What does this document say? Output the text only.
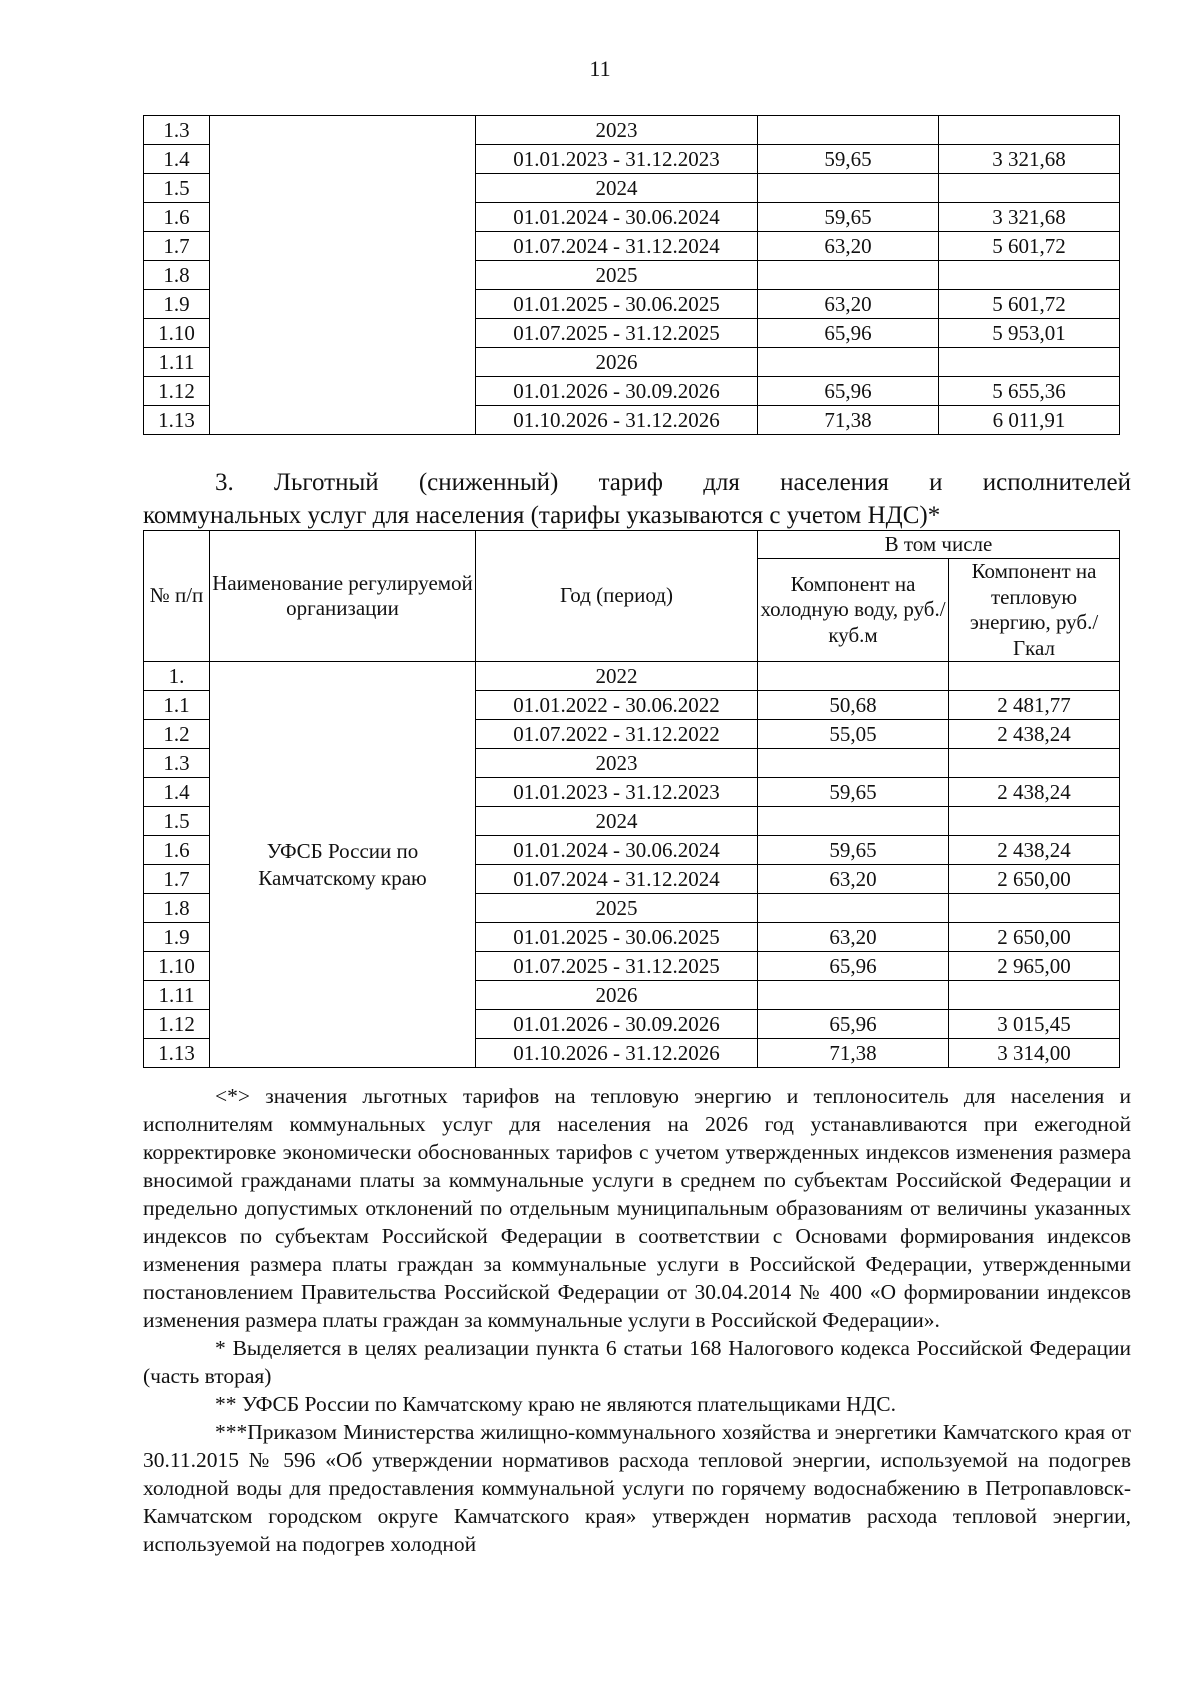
11
1.3		2023		
1.4		01.01.2023 - 31.12.2023	59,65	3 321,68
1.5		2024		
1.6		01.01.2024 - 30.06.2024	59,65	3 321,68
1.7		01.07.2024 - 31.12.2024	63,20	5 601,72
1.8		2025		
1.9		01.01.2025 - 30.06.2025	63,20	5 601,72
1.10		01.07.2025 - 31.12.2025	65,96	5 953,01
1.11		2026		
1.12		01.01.2026 - 30.09.2026	65,96	5 655,36
1.13		01.10.2026 - 31.12.2026	71,38	6 011,91

3. Льготный (сниженный) тариф для населения и исполнителей

коммунальных услуг для населения (тарифы указываются с учетом НДС)*

№ п/п	Наименование регулируемой организации	Год (период)	В том числе	
			Компонент на холодную воду, руб./куб.м	Компонент на тепловую энергию, руб./Гкал
1.	УФСБ России по Камчатскому краю	2022		
1.1		01.01.2022 - 30.06.2022	50,68	2 481,77
1.2		01.07.2022 - 31.12.2022	55,05	2 438,24
1.3		2023		
1.4		01.01.2023 - 31.12.2023	59,65	2 438,24
1.5		2024		
1.6		01.01.2024 - 30.06.2024	59,65	2 438,24
1.7		01.07.2024 - 31.12.2024	63,20	2 650,00
1.8		2025		
1.9		01.01.2025 - 30.06.2025	63,20	2 650,00
1.10		01.07.2025 - 31.12.2025	65,96	2 965,00
1.11		2026		
1.12		01.01.2026 - 30.09.2026	65,96	3 015,45
1.13		01.10.2026 - 31.12.2026	71,38	3 314,00

<*> значения льготных тарифов на тепловую энергию и теплоноситель для населения и исполнителям коммунальных услуг для населения на 2026 год устанавливаются при ежегодной корректировке экономически обоснованных тарифов с учетом утвержденных индексов изменения размера вносимой гражданами платы за коммунальные услуги в среднем по субъектам Российской Федерации и предельно допустимых отклонений по отдельным муниципальным образованиям от величины указанных индексов по субъектам Российской Федерации в соответствии с Основами формирования индексов изменения размера платы граждан за коммунальные услуги в Российской Федерации, утвержденными постановлением Правительства Российской Федерации от 30.04.2014 № 400 «О формировании индексов изменения размера платы граждан за коммунальные услуги в Российской Федерации».

* Выделяется в целях реализации пункта 6 статьи 168 Налогового кодекса Российской Федерации (часть вторая)

** УФСБ России по Камчатскому краю не являются плательщиками НДС.

***Приказом Министерства жилищно-коммунального хозяйства и энергетики Камчатского края от 30.11.2015 № 596 «Об утверждении нормативов расхода тепловой энергии, используемой на подогрев холодной воды для предоставления коммунальной услуги по горячему водоснабжению в Петропавловск-Камчатском городском округе Камчатского края» утвержден норматив расхода тепловой энергии, используемой на подогрев холодной
